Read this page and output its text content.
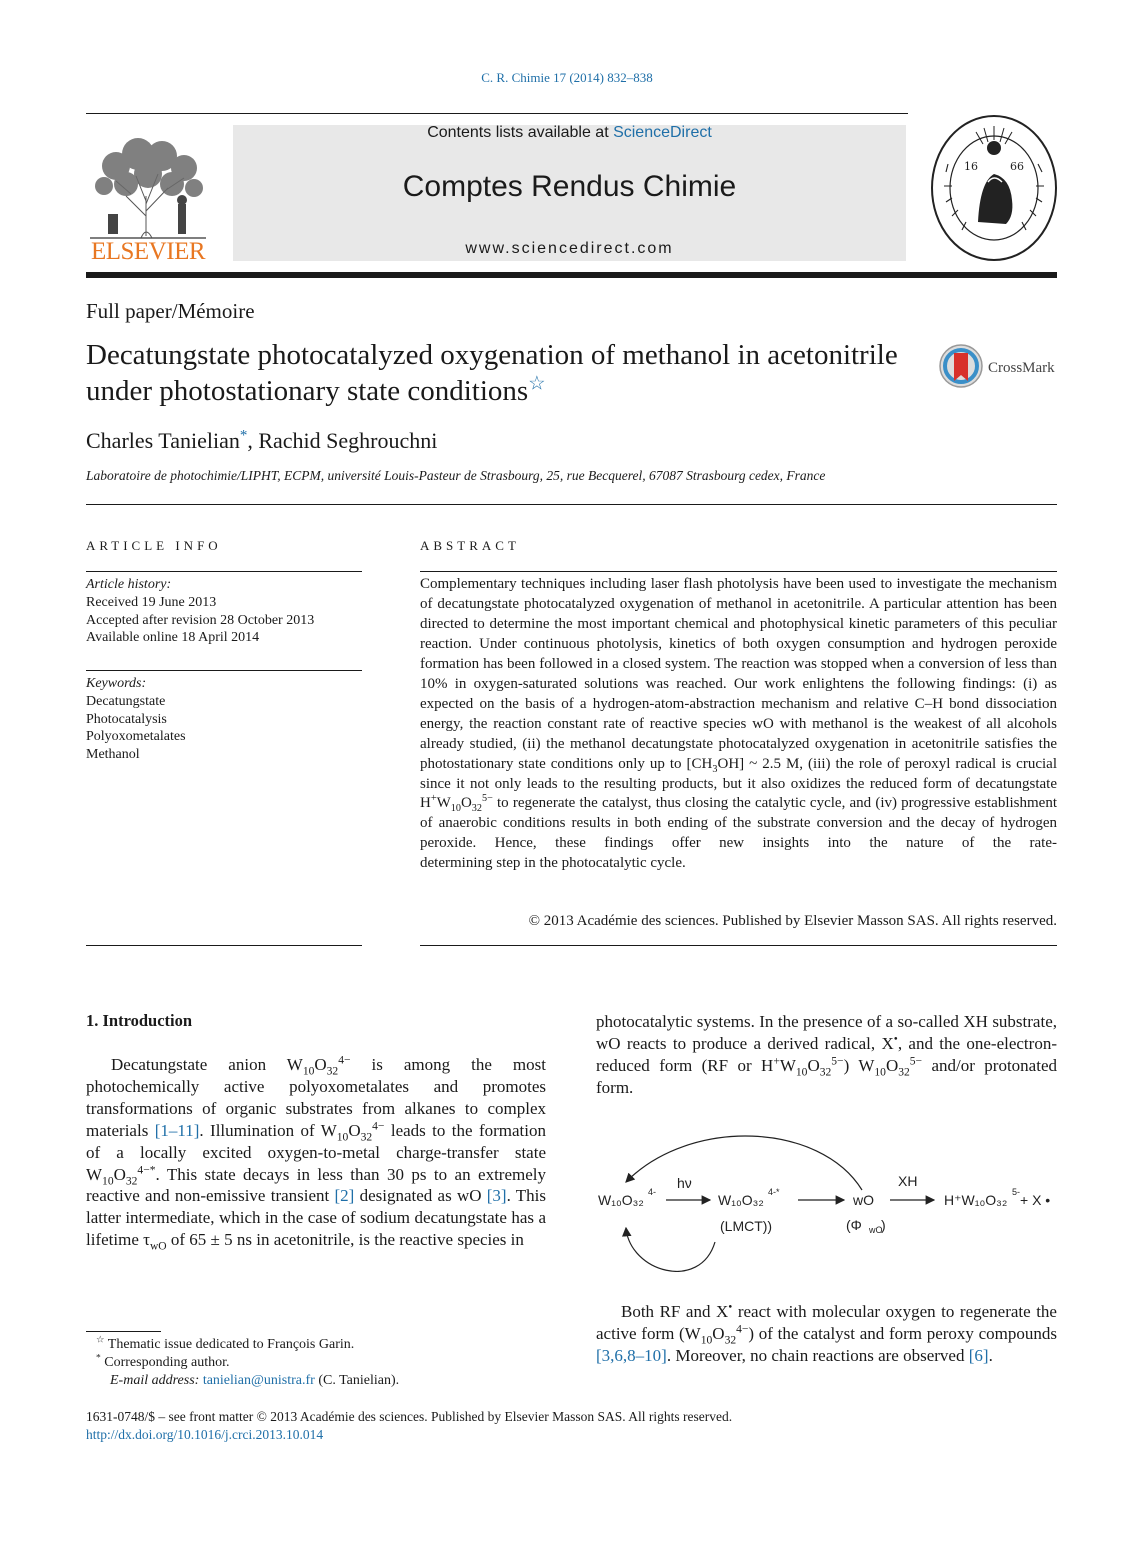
C. R. Chimie 17 (2014) 832–838
ELSEVIER
Contents lists available at ScienceDirect
Comptes Rendus Chimie
www.sciencedirect.com
16	66
Full paper/Mémoire
Decatungstate photocatalyzed oxygenation of methanol in acetonitrile under photostationary state conditions☆
CrossMark
Charles Tanielian*, Rachid Seghrouchni
Laboratoire de photochimie/LIPHT, ECPM, université Louis-Pasteur de Strasbourg, 25, rue Becquerel, 67087 Strasbourg cedex, France
ARTICLE INFO
Article history:
Received 19 June 2013
Accepted after revision 28 October 2013
Available online 18 April 2014
Keywords:
Decatungstate
Photocatalysis
Polyoxometalates
Methanol
ABSTRACT
Complementary techniques including laser flash photolysis have been used to investigate the mechanism of decatungstate photocatalyzed oxygenation of methanol in acetonitrile. A particular attention has been directed to determine the most important chemical and photophysical kinetic parameters of this peculiar reaction. Under continuous photolysis, kinetics of both oxygen consumption and hydrogen peroxide formation has been followed in a closed system. The reaction was stopped when a conversion of less than 10% in oxygen-saturated solutions was reached. Our work enlightens the following findings: (i) as expected on the basis of a hydrogen-atom-abstraction mechanism and relative C–H bond dissociation energy, the reaction constant rate of reactive species wO with methanol is the weakest of all alcohols already studied, (ii) the methanol decatungstate photocatalyzed oxygenation in acetonitrile satisfies the photostationary state conditions only up to $[CH_3OH]$ ~ 2.5 M, (iii) the role of peroxyl radical is crucial since it not only leads to the resulting products, but it also oxidizes the reduced form of decatungstate $H^+W_{10}O_{32}^{5-}$ to regenerate the catalyst, thus closing the catalytic cycle, and (iv) progressive establishment of anaerobic conditions results in both ending of the substrate conversion and the decay of hydrogen peroxide. Hence, these findings offer new insights into the nature of the rate-
determining step in the photocatalytic cycle.
© 2013 Académie des sciences. Published by Elsevier Masson SAS. All rights reserved.
1. Introduction
Decatungstate anion $W_{10}O_{32}^{4-}$ is among the most photochemically active polyoxometalates and promotes transformations of organic substrates from alkanes to complex materials [1–11]. Illumination of $W_{10}O_{32}^{4-}$ leads to the formation of a locally excited oxygen-to-metal charge-transfer state $W_{10}O_{32}^{4-*}$. This state decays in less than 30 ps to an extremely reactive and non-emissive transient [2] designated as wO [3]. This latter intermediate, which in the case of sodium decatungstate has a lifetime $\tau_{wO}$ of 65 ± 5 ns in acetonitrile, is the reactive species in
photocatalytic systems. In the presence of a so-called XH substrate, wO reacts to produce a derived radical, X•, and the one-electron-reduced form (RF or $H^+W_{10}O_{32}^{5-}$) $W_{10}O_{32}^{5-}$ and/or protonated form.
W₁₀O₃₂ 4-
hν
W₁₀O₃₂ 4-*
(LMCT))
wO
(Φ wO
)
XH
H⁺W₁₀O₃₂ 5- + X •
Both RF and X• react with molecular oxygen to regenerate the active form $(W_{10}O_{32}^{4-})$ of the catalyst and form peroxy compounds [3,6,8–10]. Moreover, no chain reactions are observed [6].
☆ Thematic issue dedicated to François Garin.
* Corresponding author.
E-mail address: tanielian@unistra.fr (C. Tanielian).
1631-0748/$ – see front matter © 2013 Académie des sciences. Published by Elsevier Masson SAS. All rights reserved.
http://dx.doi.org/10.1016/j.crci.2013.10.014
